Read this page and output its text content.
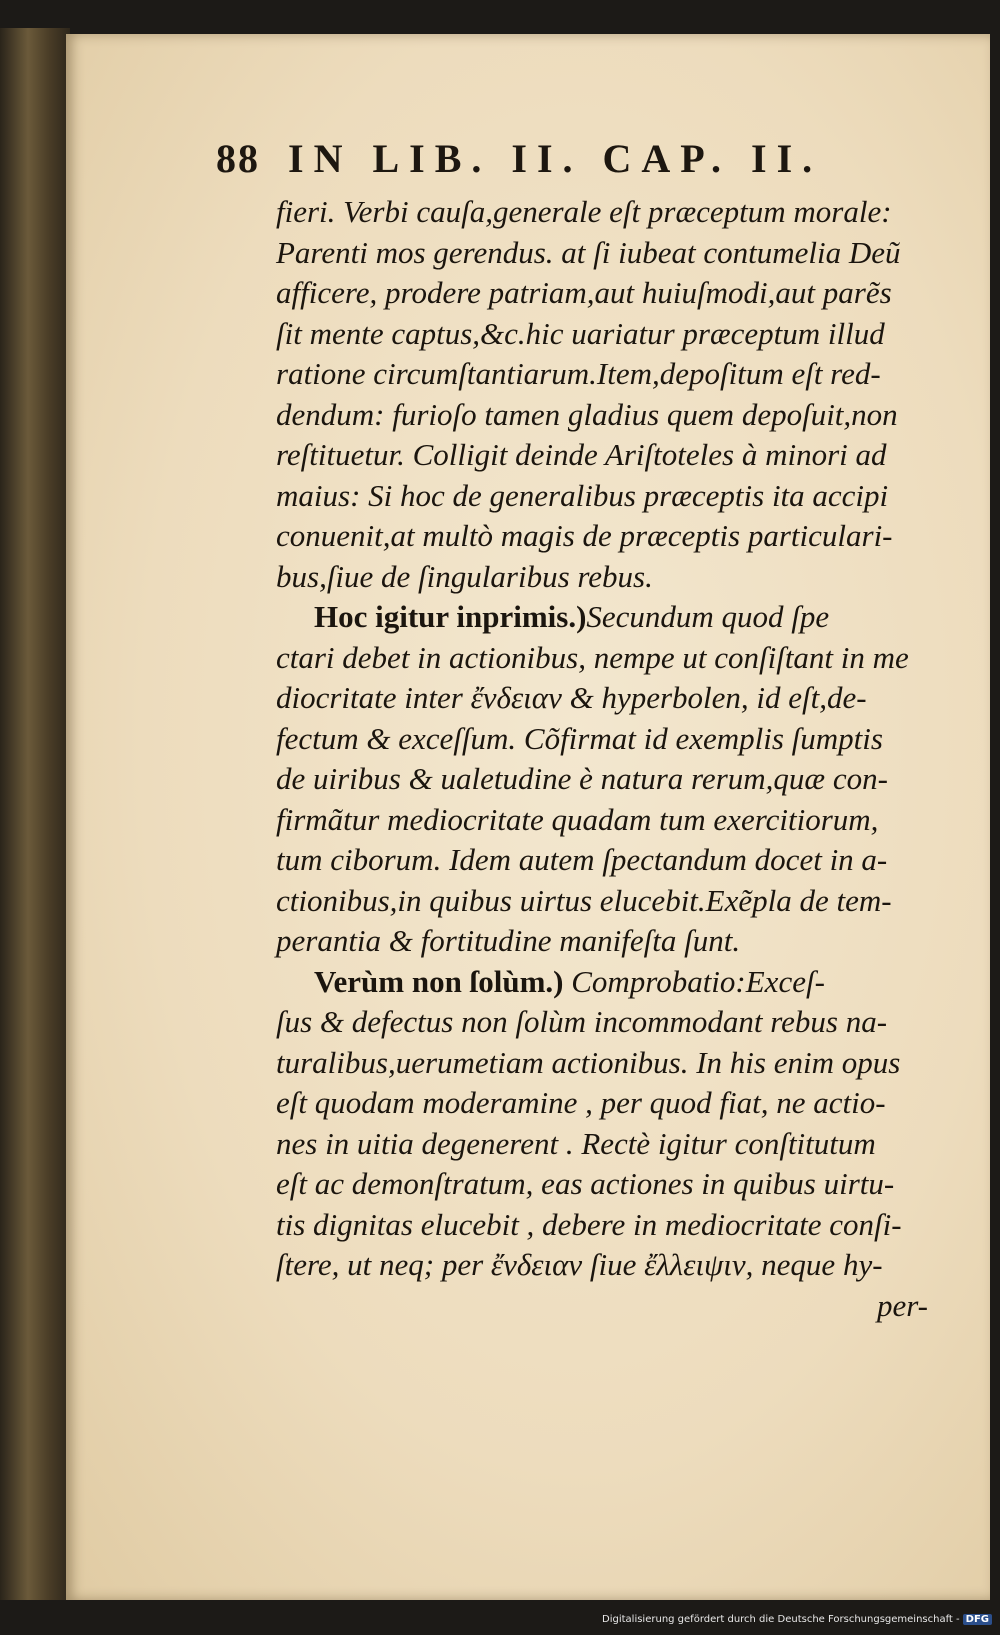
88 IN LIB. II. CAP. II.
fieri. Verbi cauſa,generale eſt præceptum morale:
Parenti mos gerendus. at ſi iubeat contumelia Deũ
afficere, prodere patriam,aut huiuſmodi,aut parẽs
ſit mente captus,&c.hic uariatur præceptum illud
ratione circumſtantiarum.Item,depoſitum eſt red-
dendum: furioſo tamen gladius quem depoſuit,non
reſtituetur. Colligit deinde Ariſtoteles à minori ad
maius: Si hoc de generalibus præceptis ita accipi
conuenit,at multò magis de præceptis particulari-
bus,ſiue de ſingularibus rebus.
Hoc igitur inprimis.)Secundum quod ſpe
ctari debet in actionibus, nempe ut conſiſtant in me
diocritate inter ἔνδειαν & hyperbolen, id eſt,de-
fectum & exceſſum. Cõfirmat id exemplis ſumptis
de uiribus & ualetudine è natura rerum,quæ con-
firmãtur mediocritate quadam tum exercitiorum,
tum ciborum. Idem autem ſpectandum docet in a-
ctionibus,in quibus uirtus elucebit.Exẽpla de tem-
perantia & fortitudine manifeſta ſunt.
Verùm non ſolùm.) Comprobatio:Exceſ-
ſus & defectus non ſolùm incommodant rebus na-
turalibus,uerumetiam actionibus. In his enim opus
eſt quodam moderamine , per quod fiat, ne actio-
nes in uitia degenerent . Rectè igitur conſtitutum
eſt ac demonſtratum, eas actiones in quibus uirtu-
tis dignitas elucebit , debere in mediocritate conſi-
ſtere, ut neq; per ἔνδειαν ſiue ἔλλειψιν, neque hy-
per-
Digitalisierung gefördert durch die Deutsche Forschungsgemeinschaft - DFG
